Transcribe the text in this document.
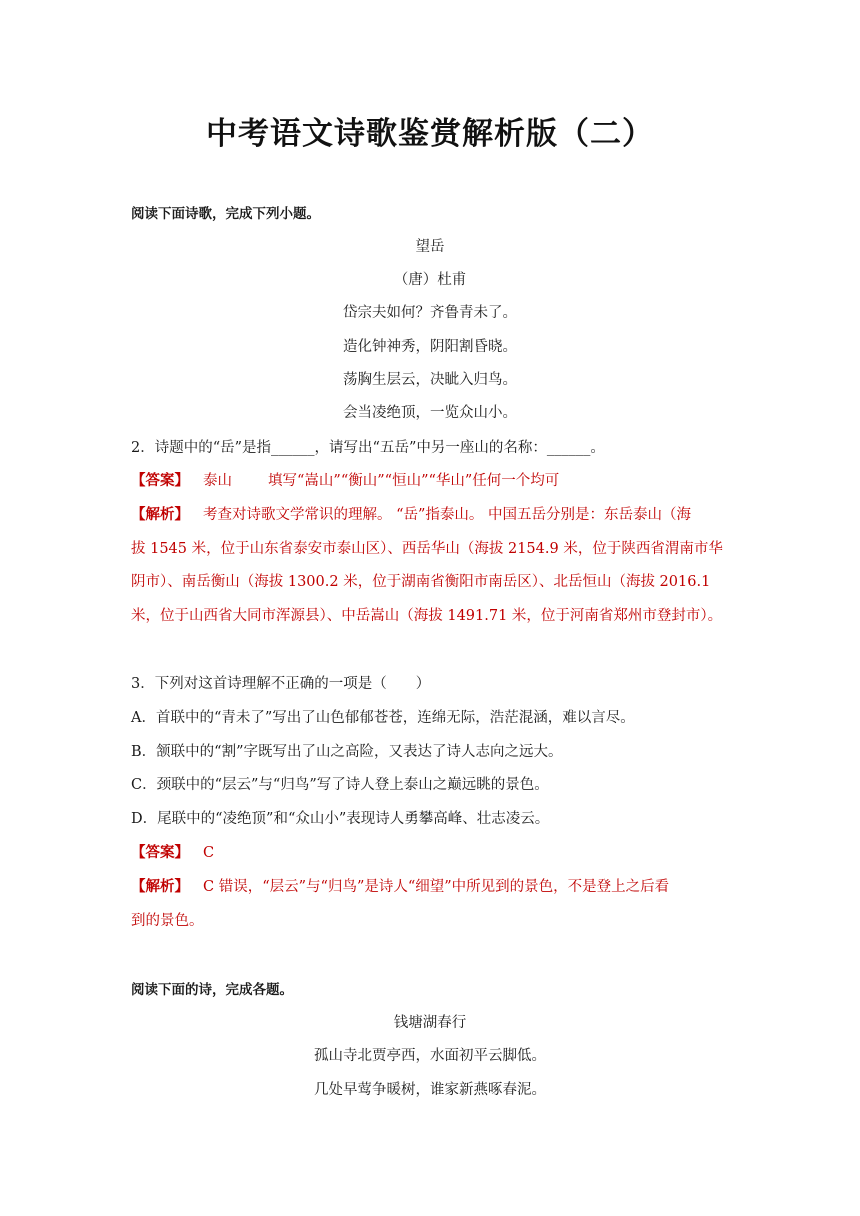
中考语文诗歌鉴赏解析版（二）
阅读下面诗歌，完成下列小题。
望岳
（唐）杜甫
岱宗夫如何？齐鲁青未了。
造化钟神秀，阴阳割昏晓。
荡胸生层云，决眦入归鸟。
会当凌绝顶，一览众山小。
2．诗题中的“岳”是指______，请写出“五岳”中另一座山的名称：______。
【答案】 泰山 填写“嵩山”“衡山”“恒山”“华山”任何一个均可
【解析】 考查对诗歌文学常识的理解。 “岳”指泰山。 中国五岳分别是：东岳泰山（海
拔 1545 米，位于山东省泰安市泰山区）、西岳华山（海拔 2154.9 米，位于陕西省渭南市华
阴市）、南岳衡山（海拔 1300.2 米，位于湖南省衡阳市南岳区）、北岳恒山（海拔 2016.1
米，位于山西省大同市浑源县）、中岳嵩山（海拔 1491.71 米，位于河南省郑州市登封市）。
3．下列对这首诗理解不正确的一项是（　　）
A．首联中的“青未了”写出了山色郁郁苍苍，连绵无际，浩茫混涵，难以言尽。
B．颔联中的“割”字既写出了山之高险，又表达了诗人志向之远大。
C．颈联中的“层云”与“归鸟”写了诗人登上泰山之巅远眺的景色。
D．尾联中的“凌绝顶”和“众山小”表现诗人勇攀高峰、壮志凌云。
【答案】 C
【解析】 C 错误，“层云”与“归鸟”是诗人“细望”中所见到的景色，不是登上之后看
到的景色。
阅读下面的诗，完成各题。
钱塘湖春行
孤山寺北贾亭西，水面初平云脚低。
几处早莺争暖树，谁家新燕啄春泥。
